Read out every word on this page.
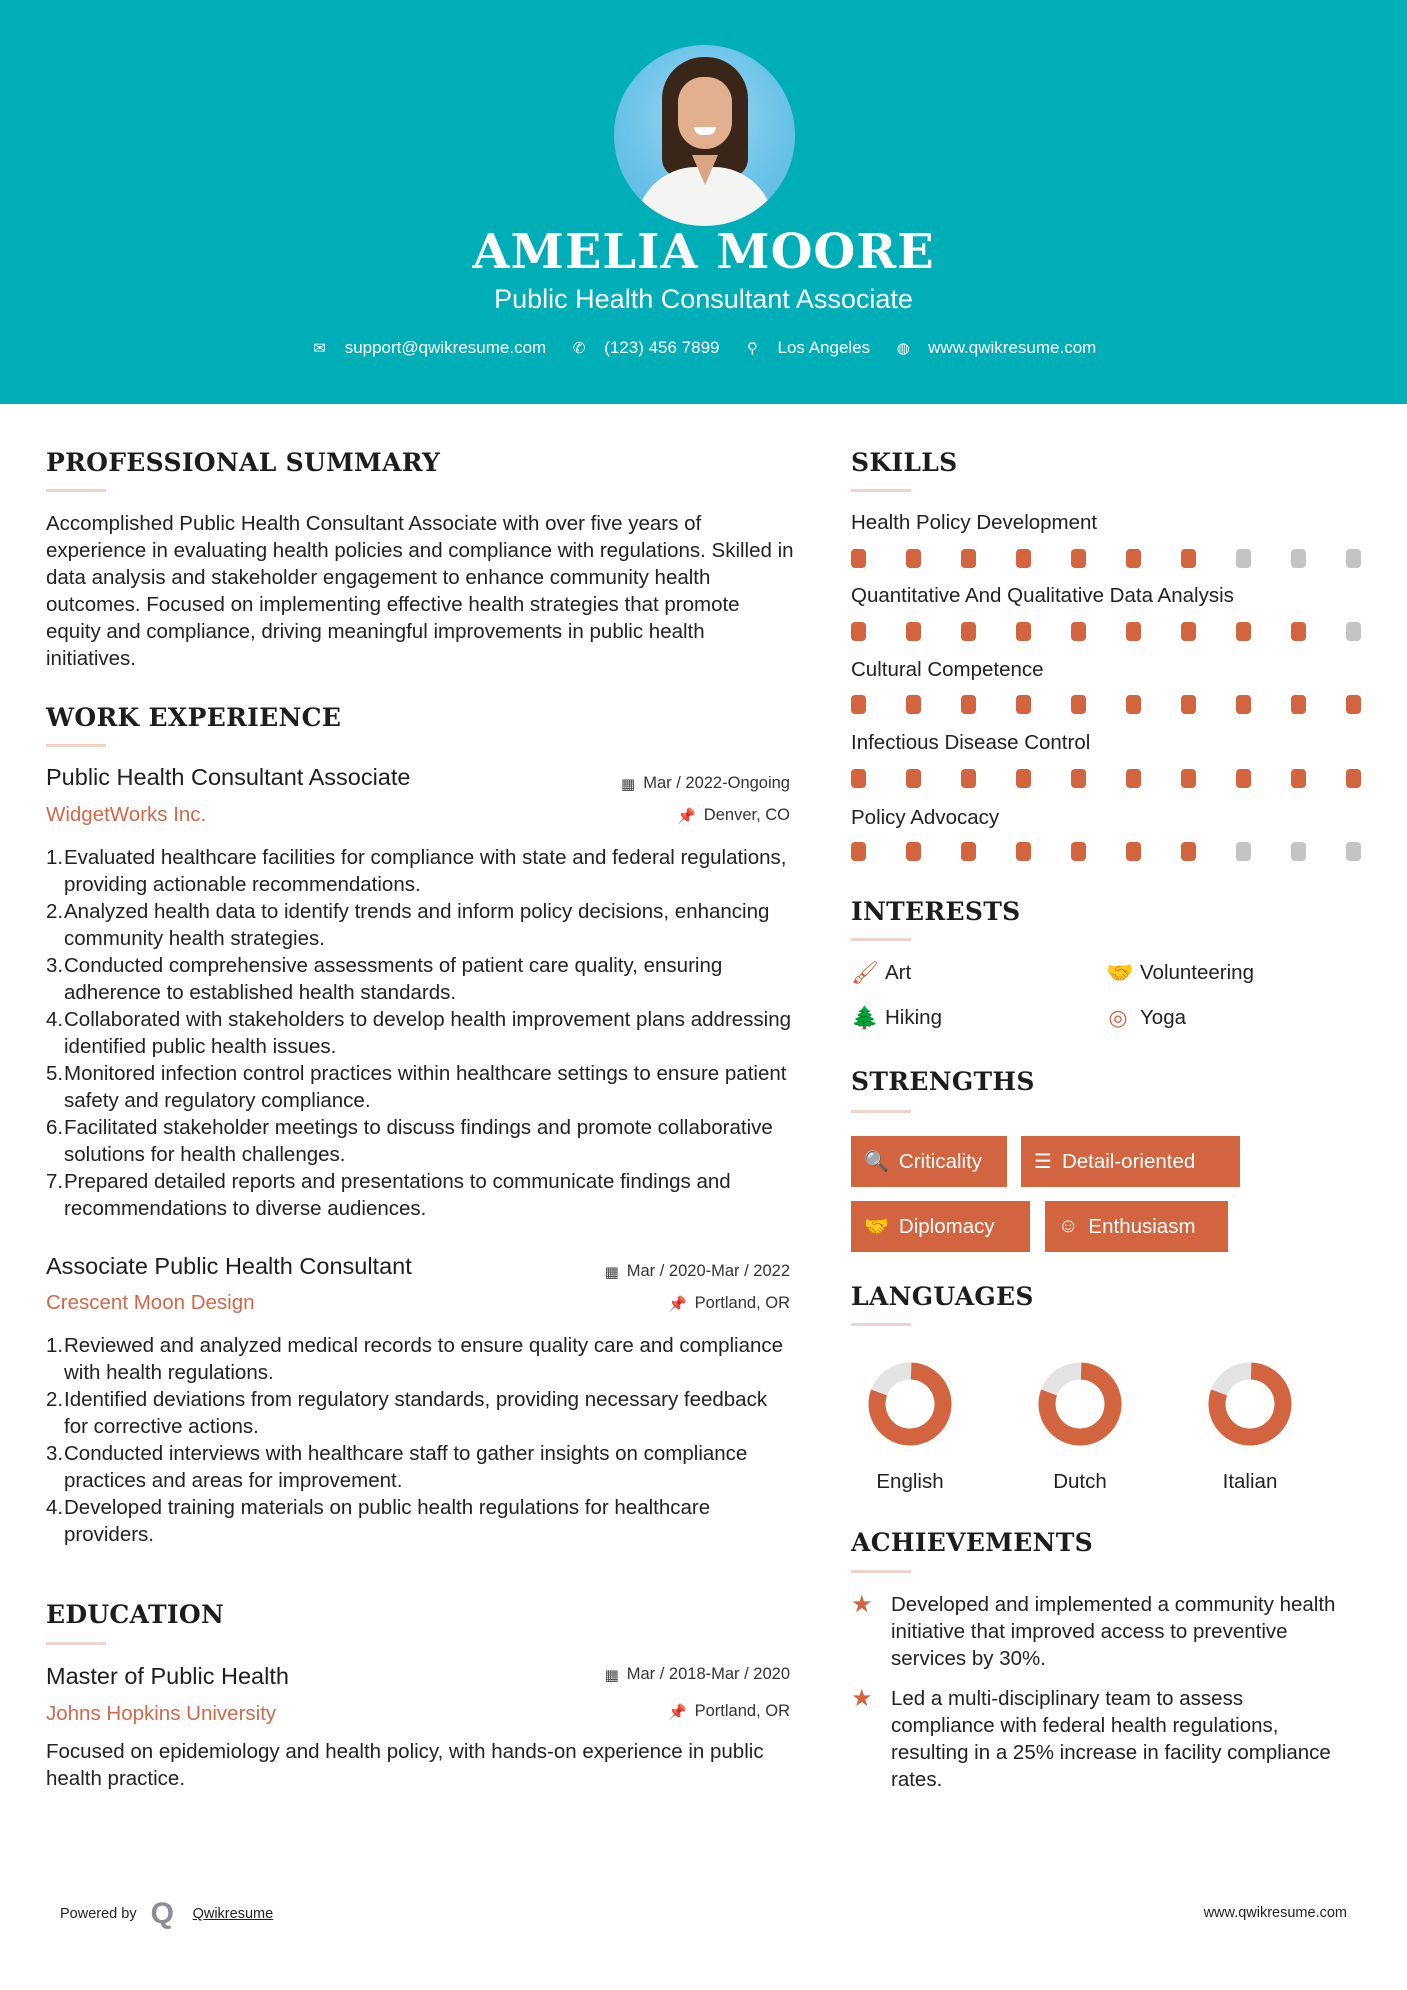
AMELIA MOORE
Public Health Consultant Associate
✉ support@qwikresume.com ✆ (123) 456 7899 ⚲ Los Angeles ◍ www.qwikresume.com
PROFESSIONAL SUMMARY
Accomplished Public Health Consultant Associate with over five years of experience in evaluating health policies and compliance with regulations. Skilled in data analysis and stakeholder engagement to enhance community health outcomes. Focused on implementing effective health strategies that promote equity and compliance, driving meaningful improvements in public health initiatives.
WORK EXPERIENCE
Public Health Consultant Associate	▦ Mar / 2022-Ongoing
WidgetWorks Inc.	📌 Denver, CO
1. Evaluated healthcare facilities for compliance with state and federal regulations, providing actionable recommendations.
2. Analyzed health data to identify trends and inform policy decisions, enhancing community health strategies.
3. Conducted comprehensive assessments of patient care quality, ensuring adherence to established health standards.
4. Collaborated with stakeholders to develop health improvement plans addressing identified public health issues.
5. Monitored infection control practices within healthcare settings to ensure patient safety and regulatory compliance.
6. Facilitated stakeholder meetings to discuss findings and promote collaborative solutions for health challenges.
7. Prepared detailed reports and presentations to communicate findings and recommendations to diverse audiences.
Associate Public Health Consultant	▦ Mar / 2020-Mar / 2022
Crescent Moon Design	📌 Portland, OR
1. Reviewed and analyzed medical records to ensure quality care and compliance with health regulations.
2. Identified deviations from regulatory standards, providing necessary feedback for corrective actions.
3. Conducted interviews with healthcare staff to gather insights on compliance practices and areas for improvement.
4. Developed training materials on public health regulations for healthcare providers.
EDUCATION
Master of Public Health	▦ Mar / 2018-Mar / 2020
Johns Hopkins University	📌 Portland, OR
Focused on epidemiology and health policy, with hands-on experience in public health practice.
SKILLS
Health Policy Development
Quantitative And Qualitative Data Analysis
Cultural Competence
Infectious Disease Control
Policy Advocacy
INTERESTS
🖌 Art	🤝 Volunteering
🌲 Hiking	◎ Yoga
STRENGTHS
🔍 Criticality	☰ Detail-oriented
🤝 Diplomacy	☺ Enthusiasm
LANGUAGES
English	Dutch	Italian
ACHIEVEMENTS
★ Developed and implemented a community health initiative that improved access to preventive services by 30%.
★ Led a multi-disciplinary team to assess compliance with federal health regulations, resulting in a 25% increase in facility compliance rates.
Powered by Q	Qwikresume	www.qwikresume.com
